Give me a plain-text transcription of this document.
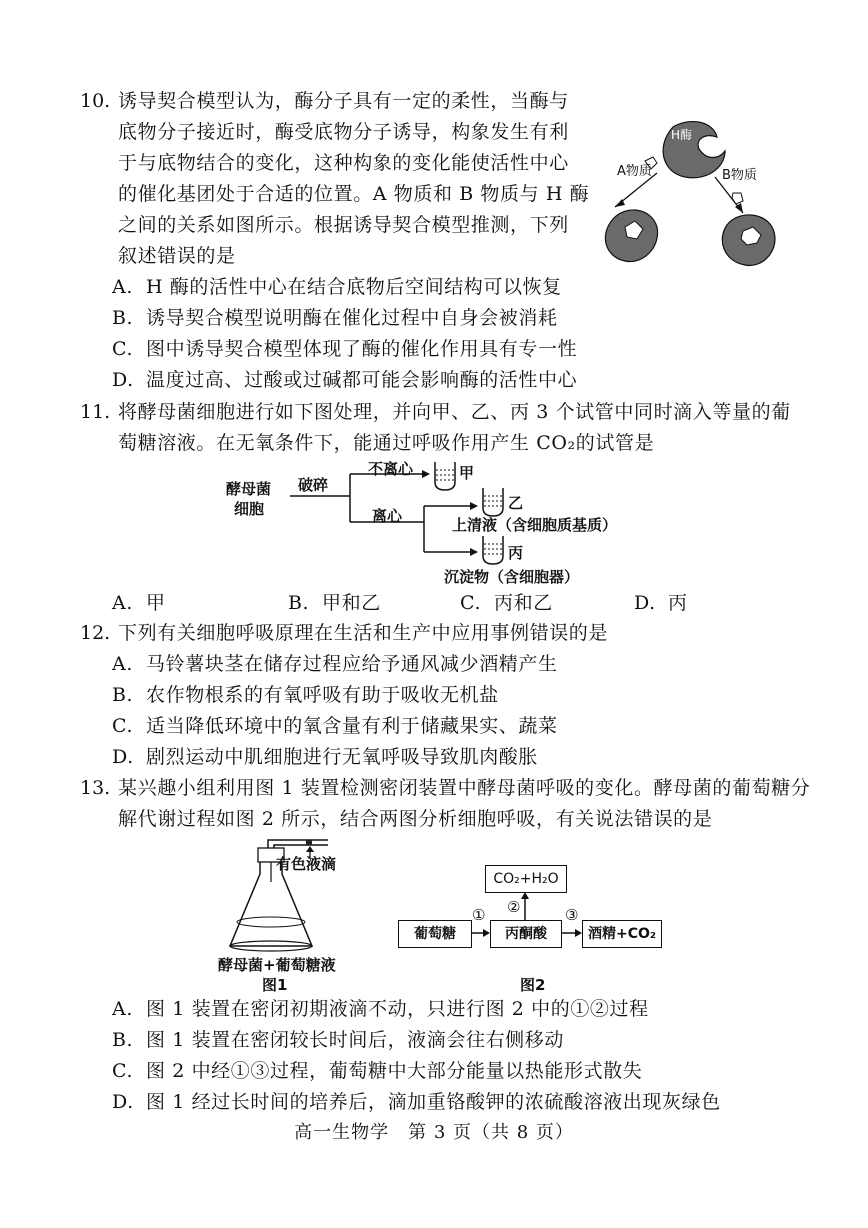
10. 诱导契合模型认为，酶分子具有一定的柔性，当酶与
底物分子接近时，酶受底物分子诱导，构象发生有利
于与底物结合的变化，这种构象的变化能使活性中心
的催化基团处于合适的位置。A 物质和 B 物质与 H 酶
之间的关系如图所示。根据诱导契合模型推测，下列
叙述错误的是
H酶
A物质	B物质
A. H 酶的活性中心在结合底物后空间结构可以恢复
B. 诱导契合模型说明酶在催化过程中自身会被消耗
C. 图中诱导契合模型体现了酶的催化作用具有专一性
D. 温度过高、过酸或过碱都可能会影响酶的活性中心
11. 将酵母菌细胞进行如下图处理，并向甲、乙、丙 3 个试管中同时滴入等量的葡
萄糖溶液。在无氧条件下，能通过呼吸作用产生 CO₂的试管是
酵母菌
细胞
破碎
不离心
离心
甲
乙
上清液（含细胞质基质）
丙
沉淀物（含细胞器）
A. 甲	B. 甲和乙	C. 丙和乙	D. 丙
12. 下列有关细胞呼吸原理在生活和生产中应用事例错误的是
A. 马铃薯块茎在储存过程应给予通风减少酒精产生
B. 农作物根系的有氧呼吸有助于吸收无机盐
C. 适当降低环境中的氧含量有利于储藏果实、蔬菜
D. 剧烈运动中肌细胞进行无氧呼吸导致肌肉酸胀
13. 某兴趣小组利用图 1 装置检测密闭装置中酵母菌呼吸的变化。酵母菌的葡萄糖分
解代谢过程如图 2 所示，结合两图分析细胞呼吸，有关说法错误的是
有色液滴
酵母菌+葡萄糖液
图1
CO₂+H₂O
葡萄糖	丙酮酸	酒精+CO₂
① ②	③
图2
A. 图 1 装置在密闭初期液滴不动，只进行图 2 中的①②过程
B. 图 1 装置在密闭较长时间后，液滴会往右侧移动
C. 图 2 中经①③过程，葡萄糖中大部分能量以热能形式散失
D. 图 1 经过长时间的培养后，滴加重铬酸钾的浓硫酸溶液出现灰绿色
高一生物学　第 3 页（共 8 页）
